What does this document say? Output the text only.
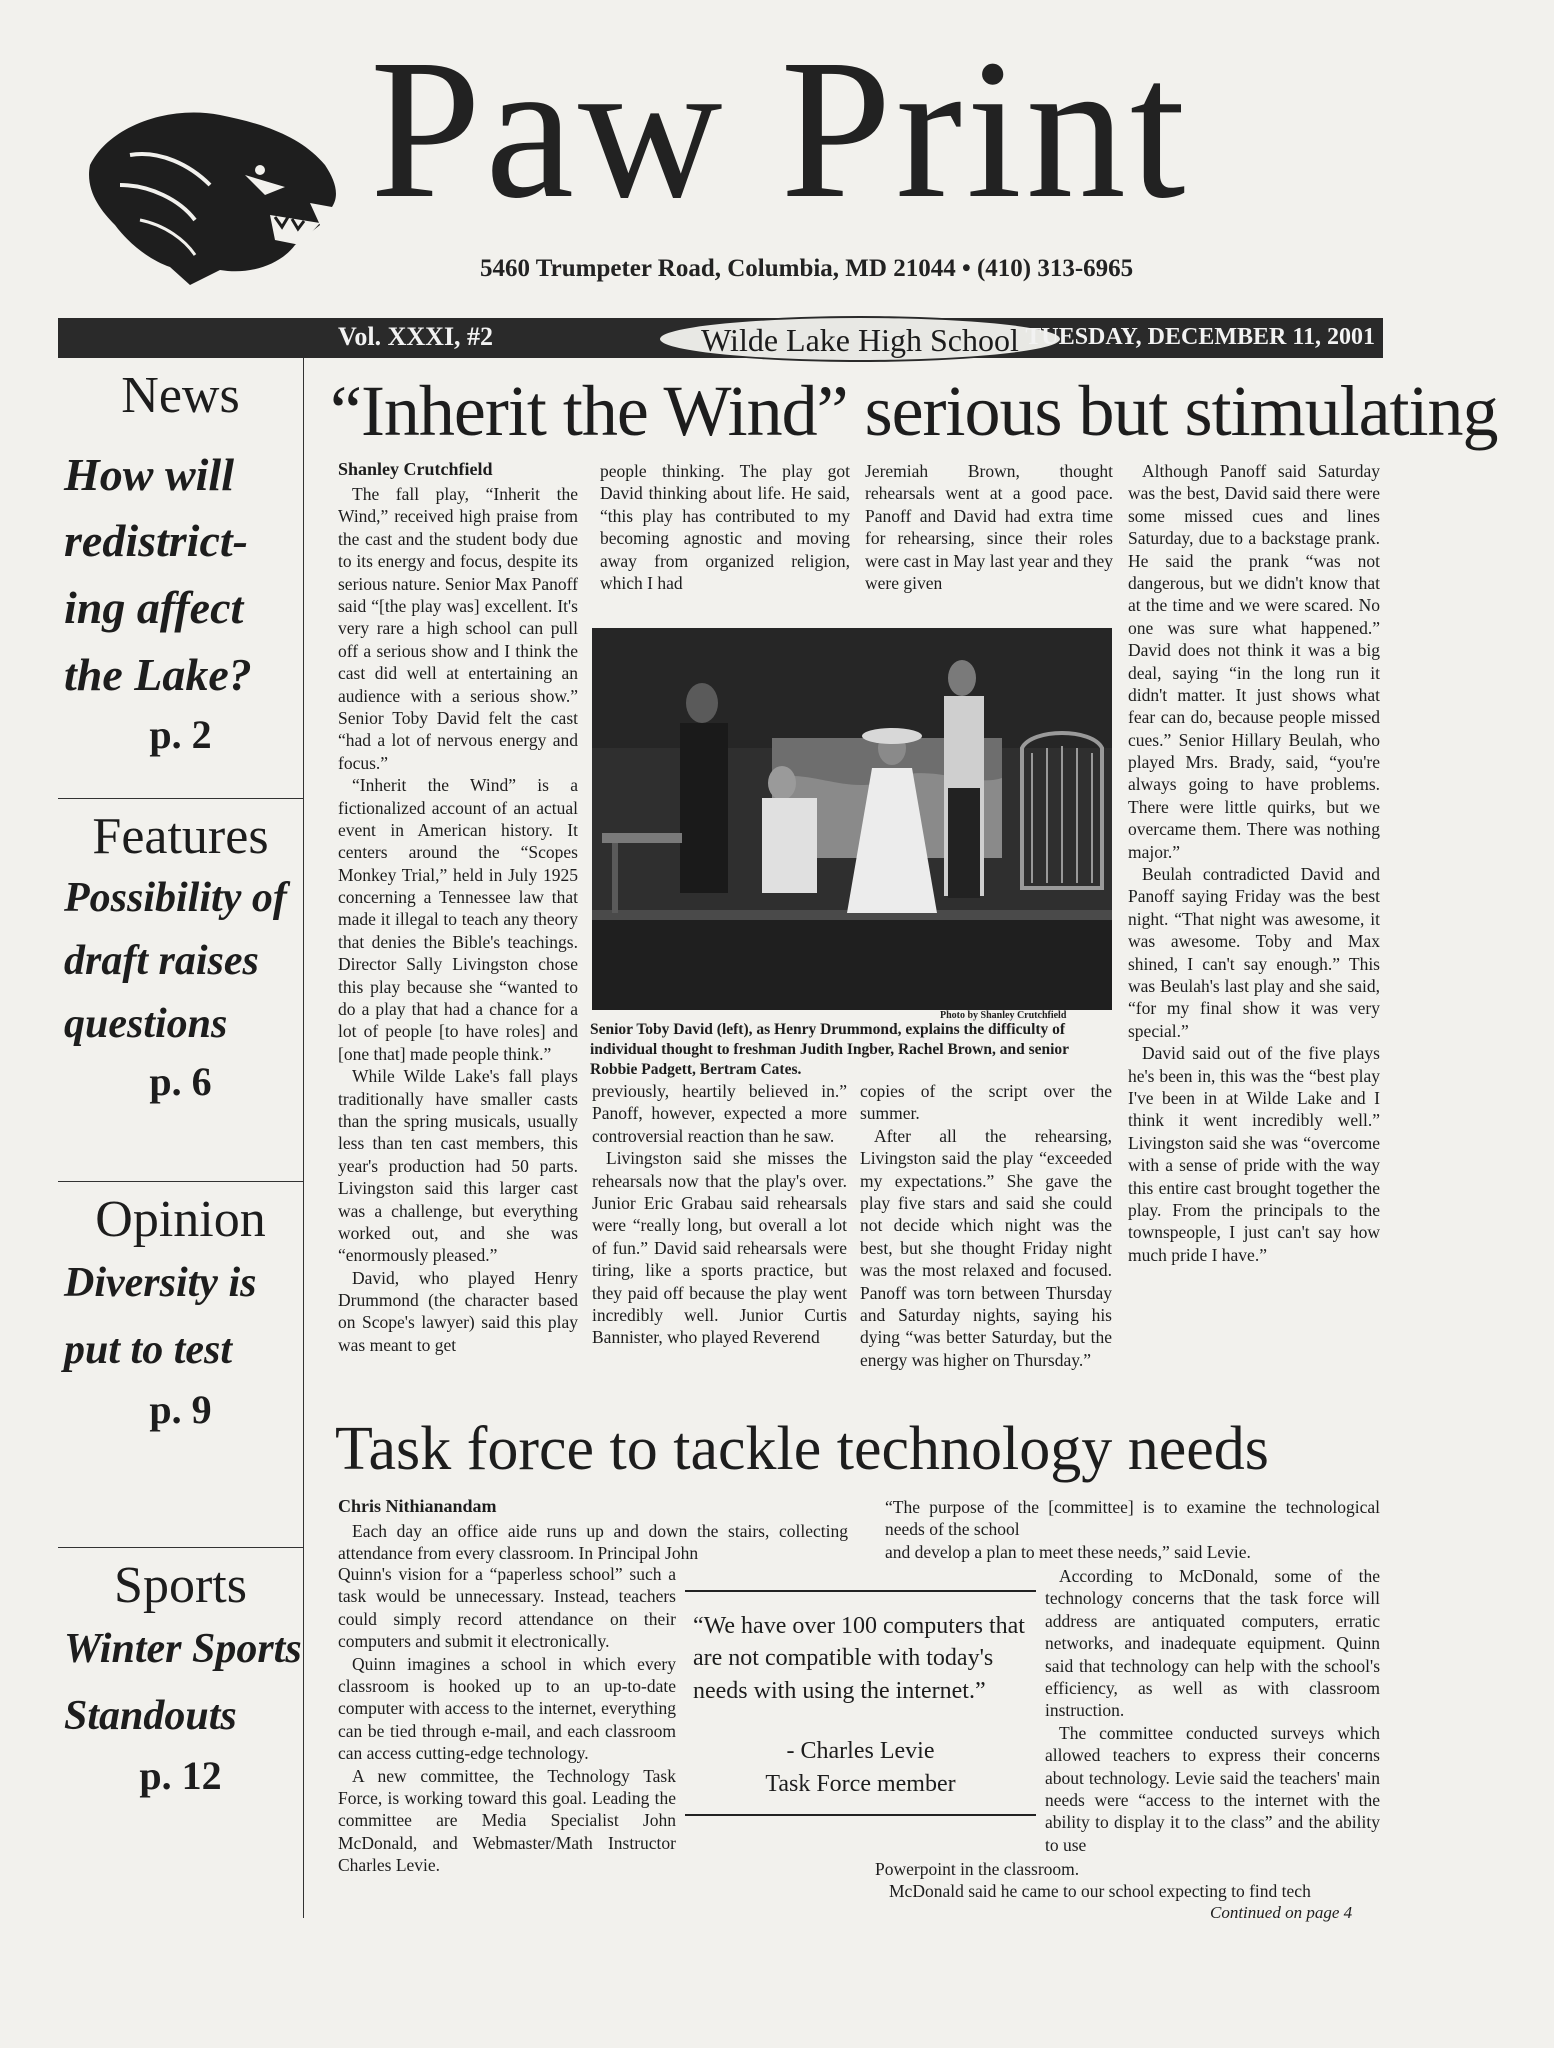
Paw Print
5460 Trumpeter Road, Columbia, MD 21044 • (410) 313-6965
Vol. XXXI, #2	Wilde Lake High School TUESDAY, DECEMBER 11, 2001
News
How will redistrict-ing affect the Lake?
p. 2
Features
Possibility of draft raises questions
p. 6
Opinion
Diversity is put to test
p. 9
Sports
Winter Sports Standouts
p. 12
“Inherit the Wind” serious but stimulating
Shanley Crutchfield

The fall play, “Inherit the Wind,” received high praise from the cast and the student body due to its energy and focus, despite its serious nature. Senior Max Panoff said “[the play was] excellent. It's very rare a high school can pull off a serious show and I think the cast did well at entertaining an audience with a serious show.” Senior Toby David felt the cast “had a lot of nervous energy and focus.”

“Inherit the Wind” is a fictionalized account of an actual event in American history. It centers around the “Scopes Monkey Trial,” held in July 1925 concerning a Tennessee law that made it illegal to teach any theory that denies the Bible's teachings. Director Sally Livingston chose this play because she “wanted to do a play that had a chance for a lot of people [to have roles] and [one that] made people think.”

While Wilde Lake's fall plays traditionally have smaller casts than the spring musicals, usually less than ten cast members, this year's production had 50 parts. Livingston said this larger cast was a challenge, but everything worked out, and she was “enormously pleased.”

David, who played Henry Drummond (the character based on Scope's lawyer) said this play was meant to get

people thinking. The play got David thinking about life. He said, “this play has contributed to my becoming agnostic and moving away from organized religion, which I had

Jeremiah Brown, thought rehearsals went at a good pace. Panoff and David had extra time for rehearsing, since their roles were cast in May last year and they were given

Photo by Shanley Crutchfield
Senior Toby David (left), as Henry Drummond, explains the difficulty of individual thought to freshman Judith Ingber, Rachel Brown, and senior Robbie Padgett, Bertram Cates.

previously, heartily believed in.” Panoff, however, expected a more controversial reaction than he saw.

Livingston said she misses the rehearsals now that the play's over. Junior Eric Grabau said rehearsals were “really long, but overall a lot of fun.” David said rehearsals were tiring, like a sports practice, but they paid off because the play went incredibly well. Junior Curtis Bannister, who played Reverend

copies of the script over the summer.

After all the rehearsing, Livingston said the play “exceeded my expectations.” She gave the play five stars and said she could not decide which night was the best, but she thought Friday night was the most relaxed and focused. Panoff was torn between Thursday and Saturday nights, saying his dying “was better Saturday, but the energy was higher on Thursday.”

Although Panoff said Saturday was the best, David said there were some missed cues and lines Saturday, due to a backstage prank. He said the prank “was not dangerous, but we didn't know that at the time and we were scared. No one was sure what happened.” David does not think it was a big deal, saying “in the long run it didn't matter. It just shows what fear can do, because people missed cues.” Senior Hillary Beulah, who played Mrs. Brady, said, “you're always going to have problems. There were little quirks, but we overcame them. There was nothing major.”

Beulah contradicted David and Panoff saying Friday was the best night. “That night was awesome, it was awesome. Toby and Max shined, I can't say enough.” This was Beulah's last play and she said, “for my final show it was very special.”

David said out of the five plays he's been in, this was the “best play I've been in at Wilde Lake and I think it went incredibly well.” Livingston said she was “overcome with a sense of pride with the way this entire cast brought together the play. From the principals to the townspeople, I just can't say how much pride I have.”

Task force to tackle technology needs
Chris Nithianandam

Each day an office aide runs up and down the stairs, collecting attendance from every classroom. In Principal John

Quinn's vision for a “paperless school” such a task would be unnecessary. Instead, teachers could simply record attendance on their computers and submit it electronically.

Quinn imagines a school in which every classroom is hooked up to an up-to-date computer with access to the internet, everything can be tied through e-mail, and each classroom can access cutting-edge technology.

A new committee, the Technology Task Force, is working toward this goal. Leading the committee are Media Specialist John McDonald, and Webmaster/Math Instructor Charles Levie.

“The purpose of the [committee] is to examine the technological needs of the school

and develop a plan to meet these needs,” said Levie.

“We have over 100 computers that are not compatible with today's needs with using the internet.”
- Charles Levie
Task Force member

According to McDonald, some of the technology concerns that the task force will address are antiquated computers, erratic networks, and inadequate equipment. Quinn said that technology can help with the school's efficiency, as well as with classroom instruction.

The committee conducted surveys which allowed teachers to express their concerns about technology. Levie said the teachers' main needs were “access to the internet with the ability to display it to the class” and the ability to use

Powerpoint in the classroom.

McDonald said he came to our school expecting to find tech

Continued on page 4
